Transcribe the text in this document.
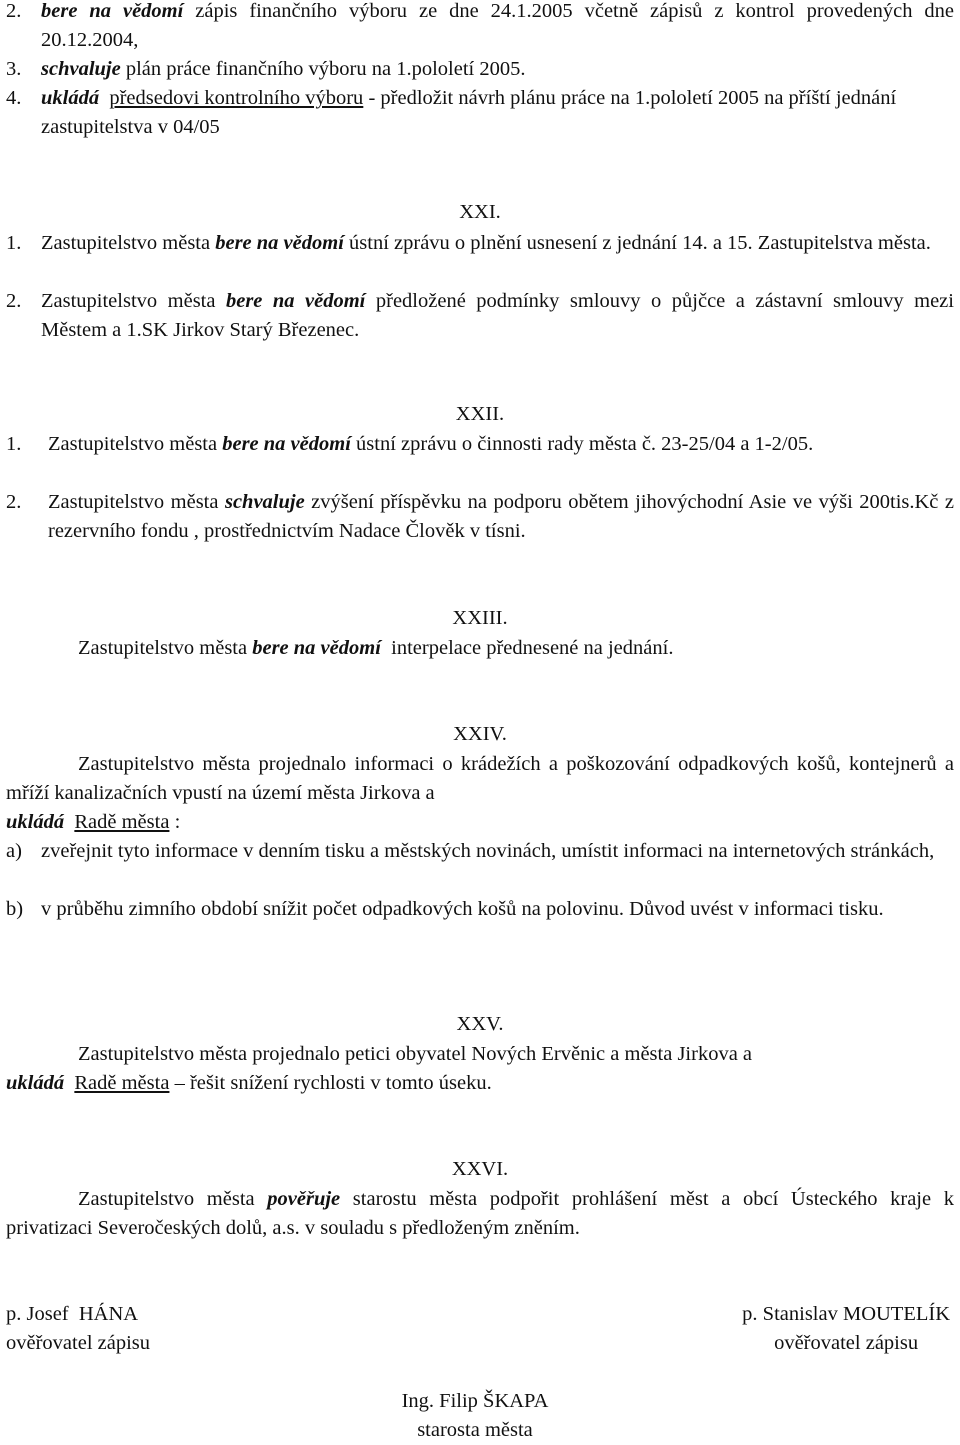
2. bere na vědomí zápis finančního výboru ze dne 24.1.2005 včetně zápisů z kontrol provedených dne 20.12.2004,
3. schvaluje plán práce finančního výboru na 1.pololetí 2005.
4. ukládá předsedovi kontrolního výboru - předložit návrh plánu práce na 1.pololetí 2005 na příští jednání zastupitelstva v 04/05
XXI.
1. Zastupitelstvo města bere na vědomí ústní zprávu o plnění usnesení z jednání 14. a 15. Zastupitelstva města.
2. Zastupitelstvo města bere na vědomí předložené podmínky smlouvy o půjčce a zástavní smlouvy mezi Městem a 1.SK Jirkov Starý Březenec.
XXII.
1. Zastupitelstvo města bere na vědomí ústní zprávu o činnosti rady města č. 23-25/04 a 1-2/05.
2. Zastupitelstvo města schvaluje zvýšení příspěvku na podporu obětem jihovýchodní Asie ve výši 200tis.Kč z rezervního fondu , prostřednictvím Nadace Člověk v tísni.
XXIII.
Zastupitelstvo města bere na vědomí  interpelace přednesené na jednání.
XXIV.
Zastupitelstvo města projednalo informaci o krádežích a poškozování odpadkových košů, kontejnerů a mříží kanalizačních vpustí na území města Jirkova a
ukládá Radě města :
a) zveřejnit tyto informace v denním tisku a městských novinách, umístit informaci na internetových stránkách,
b) v průběhu zimního období snížit počet odpadkových košů na polovinu. Důvod uvést v informaci tisku.
XXV.
Zastupitelstvo města projednalo petici obyvatel Nových Ervěnic a města Jirkova a
ukládá Radě města – řešit snížení rychlosti v tomto úseku.
XXVI.
Zastupitelstvo města pověřuje starostu města podpořit prohlášení měst a obcí Ústeckého kraje k privatizaci Severočeských dolů, a.s. v souladu s předloženým zněním.
p. Josef  HÁNA
ověřovatel zápisu
p. Stanislav MOUTELÍK
ověřovatel zápisu
Ing. Filip ŠKAPA
starosta města
